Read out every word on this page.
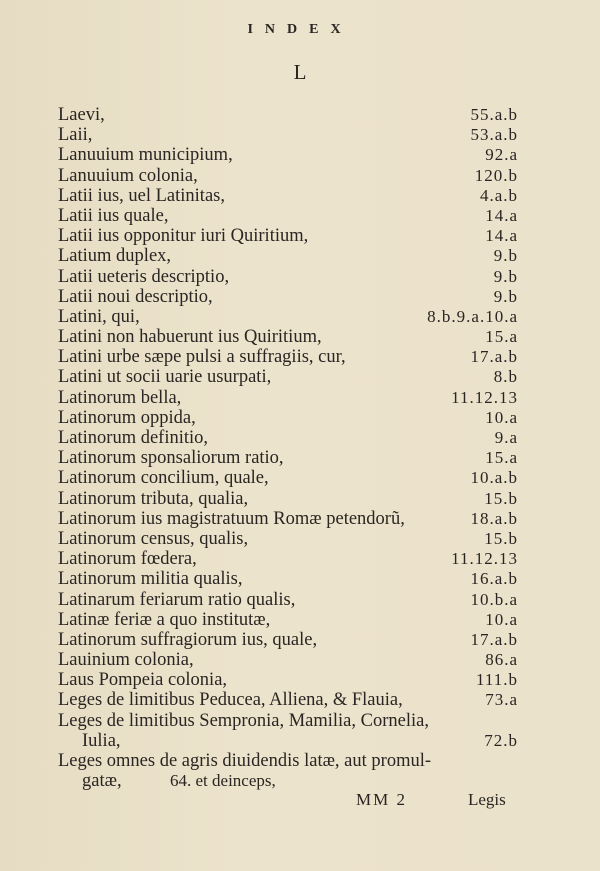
INDEX
L
Laevi,	55.a.b
Laii,	53.a.b
Lanuuium municipium,	92.a
Lanuuium colonia,	120.b
Latii ius, uel Latinitas,	4.a.b
Latii ius quale,	14.a
Latii ius opponitur iuri Quiritium,	14.a
Latium duplex,	9.b
Latii ueteris descriptio,	9.b
Latii noui descriptio,	9.b
Latini, qui,	8.b.9.a.10.a
Latini non habuerunt ius Quiritium,	15.a
Latini urbe sæpe pulsi a suffragiis, cur,	17.a.b
Latini ut socii uarie usurpati,	8.b
Latinorum bella,	11.12.13
Latinorum oppida,	10.a
Latinorum definitio,	9.a
Latinorum sponsaliorum ratio,	15.a
Latinorum concilium, quale,	10.a.b
Latinorum tributa, qualia,	15.b
Latinorum ius magistratuum Romæ petendorũ,	18.a.b
Latinorum census, qualis,	15.b
Latinorum fœdera,	11.12.13
Latinorum militia qualis,	16.a.b
Latinarum feriarum ratio qualis,	10.b.a
Latinæ feriæ a quo institutæ,	10.a
Latinorum suffragiorum ius, quale,	17.a.b
Lauinium colonia,	86.a
Laus Pompeia colonia,	111.b
Leges de limitibus Peducea, Alliena, & Flauia,	73.a
Leges de limitibus Sempronia, Mamilia, Cornelia,
Iulia,	72.b
Leges omnes de agris diuidendis latæ, aut promul-
gatæ,	64. et deinceps,
MM 2	Legis
